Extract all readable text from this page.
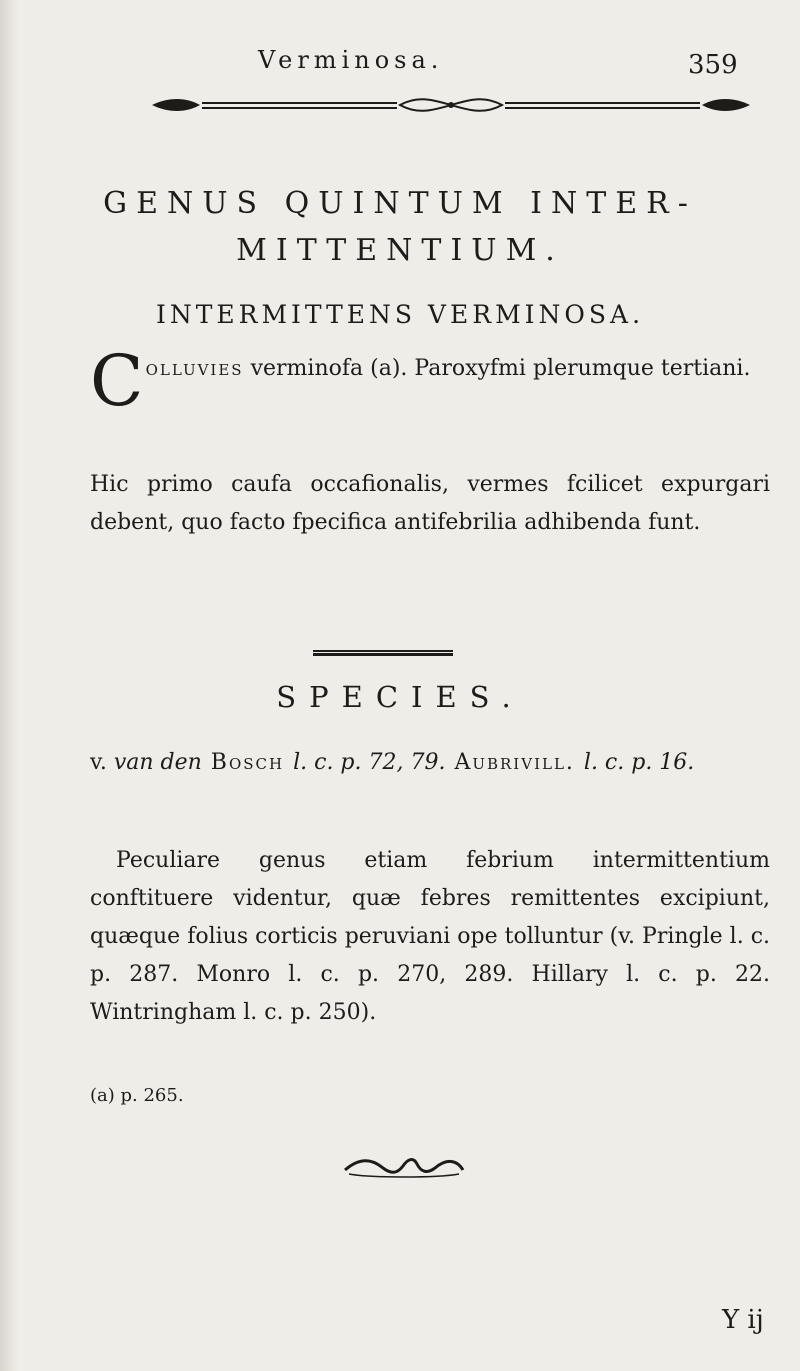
Verminosa.	359
GENUS QUINTUM INTER-
MITTENTIUM.
INTERMITTENS VERMINOSA.
Colluvies verminofa (a). Paroxyfmi plerumque tertiani.
Hic primo caufa occafionalis, vermes fcilicet expurgari debent, quo facto fpecifica antifebrilia adhibenda funt.
SPECIES.
v. van den Bosch l. c. p. 72, 79. Aubrivill. l. c. p. 16.
Peculiare genus etiam febrium intermittentium conftituere videntur, quæ febres remittentes excipiunt, quæque folius corticis peruviani ope tolluntur (v. Pringle l. c. p. 287. Monro l. c. p. 270, 289. Hillary l. c. p. 22. Wintringham l. c. p. 250).
(a) p. 265.
Y ij
